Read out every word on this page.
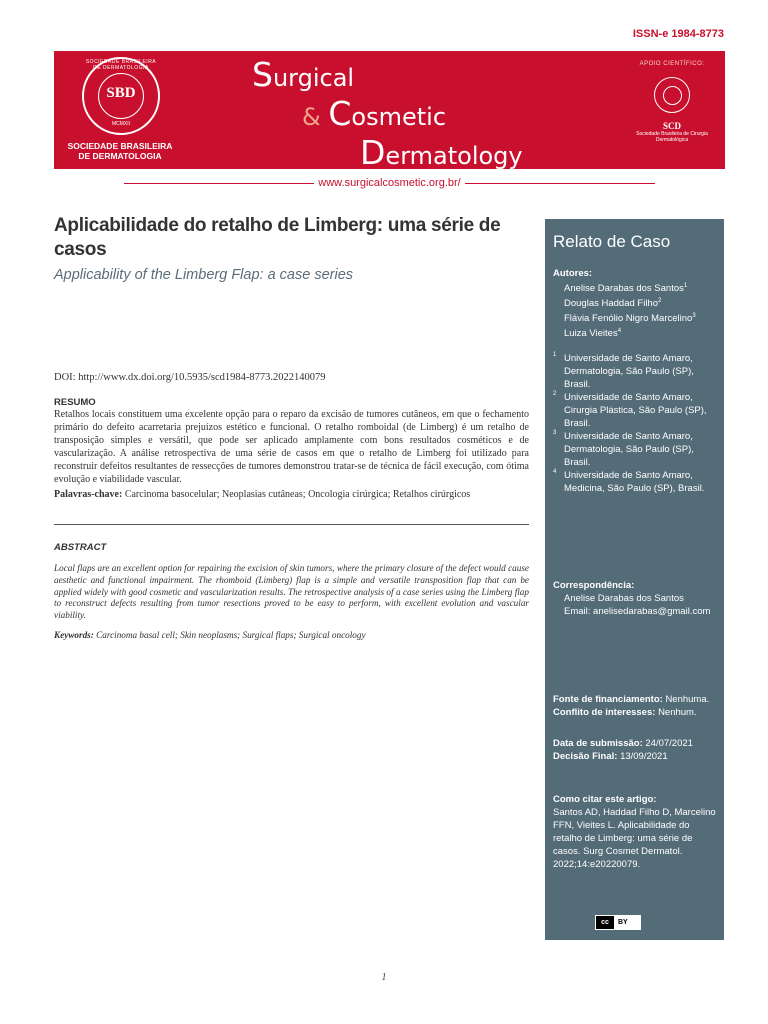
ISSN-e 1984-8773
SOCIEDADE BRASILEIRA DE DERMATOLOGIA
SBD
MCMXII
SOCIEDADE BRASILEIRA DE DERMATOLOGIA
Surgical
& Cosmetic
Dermatology
APOIO CIENTÍFICO:
SCD
Sociedade Brasileira de Cirurgia Dermatológica
www.surgicalcosmetic.org.br/
Aplicabilidade do retalho de Limberg: uma série de casos
Applicability of the Limberg Flap: a case series
DOI: http://www.dx.doi.org/10.5935/scd1984-8773.2022140079
RESUMO
Retalhos locais constituem uma excelente opção para o reparo da excisão de tumores cutâneos, em que o fechamento primário do defeito acarretaria prejuízos estético e funcional. O retalho romboidal (de Limberg) é um retalho de transposição simples e versátil, que pode ser aplicado amplamente com bons resultados cosméticos e de vascularização. A análise retrospectiva de uma série de casos em que o retalho de Limberg foi utilizado para reconstruir defeitos resultantes de ressecções de tumores demonstrou tratar-se de técnica de fácil execução, com ótima evolução e viabilidade vascular.
Palavras-chave: Carcinoma basocelular; Neoplasias cutâneas; Oncologia cirúrgica; Retalhos cirúrgicos
ABSTRACT
Local flaps are an excellent option for repairing the excision of skin tumors, where the primary closure of the defect would cause aesthetic and functional impairment. The rhomboid (Limberg) flap is a simple and versatile transposition flap that can be applied widely with good cosmetic and vascularization results. The retrospective analysis of a case series using the Limberg flap to reconstruct defects resulting from tumor resections proved to be easy to perform, with excellent evolution and vascular viability.
Keywords: Carcinoma basal cell; Skin neoplasms; Surgical flaps; Surgical oncology
Relato de Caso
Autores:
Anelise Darabas dos Santos$^1$
Douglas Haddad Filho$^2$
Flávia Fenólio Nigro Marcelino$^3$
Luiza Vieites$^4$
1 Universidade de Santo Amaro, Dermatologia, São Paulo (SP), Brasil.
2 Universidade de Santo Amaro, Cirurgia Plástica, São Paulo (SP), Brasil.
3 Universidade de Santo Amaro, Dermatologia, São Paulo (SP), Brasil.
4 Universidade de Santo Amaro, Medicina, São Paulo (SP), Brasil.
Correspondência:
Anelise Darabas dos Santos
Email: anelisedarabas@gmail.com
Fonte de financiamento: Nenhuma.
Conflito de interesses: Nenhum.
Data de submissão: 24/07/2021
Decisão Final: 13/09/2021
Como citar este artigo:
Santos AD, Haddad Filho D, Marcelino FFN, Vieites L. Aplicabilidade do retalho de Limberg: uma série de casos. Surg Cosmet Dermatol. 2022;14:e20220079.
cc BY
1
